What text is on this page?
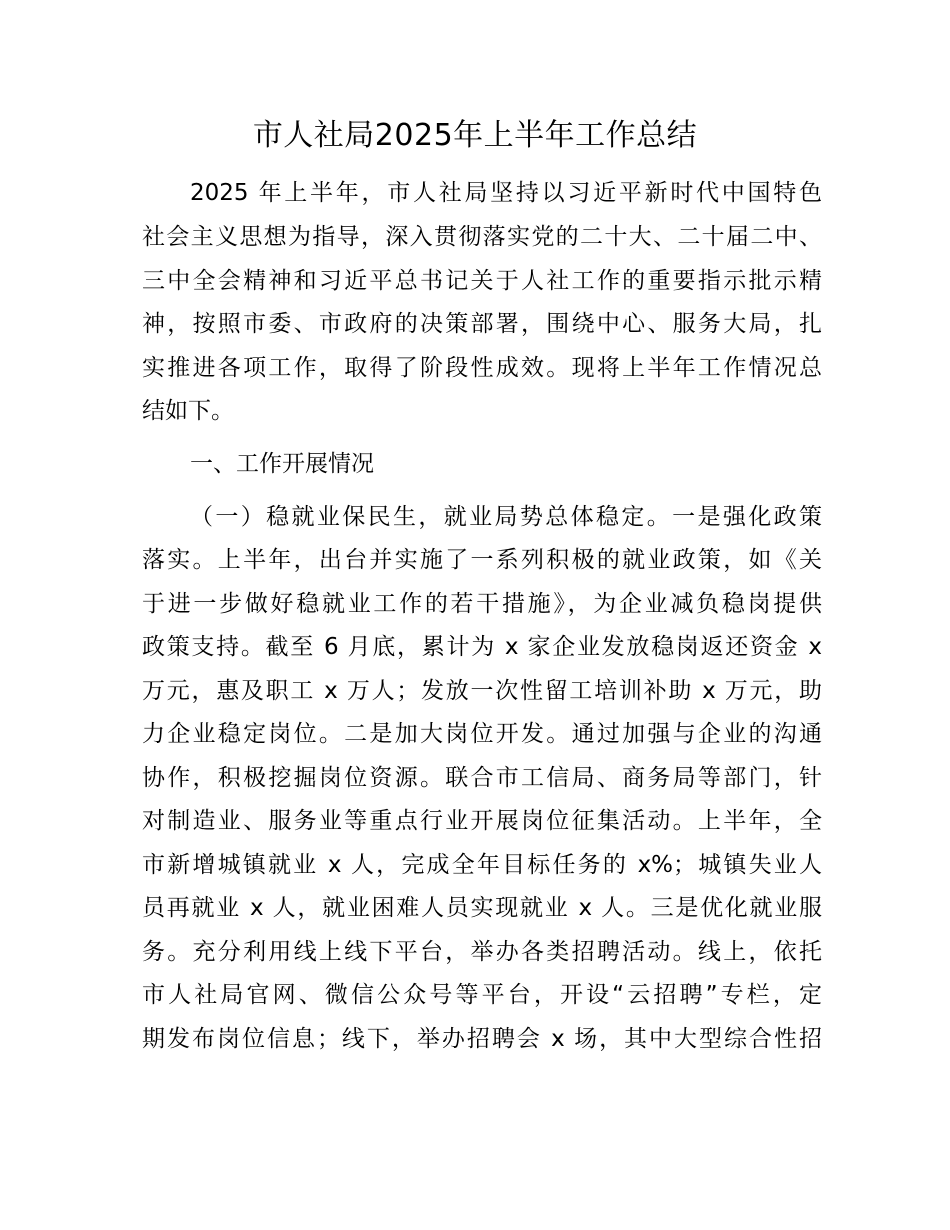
市人社局2025年上半年工作总结

2025 年上半年，市人社局坚持以习近平新时代中国特色

社会主义思想为指导，深入贯彻落实党的二十大、二十届二中、

三中全会精神和习近平总书记关于人社工作的重要指示批示精

神，按照市委、市政府的决策部署，围绕中心、服务大局，扎

实推进各项工作，取得了阶段性成效。现将上半年工作情况总

结如下。

一、工作开展情况

（一）稳就业保民生，就业局势总体稳定。一是强化政策

落实。上半年，出台并实施了一系列积极的就业政策，如《关

于进一步做好稳就业工作的若干措施》，为企业减负稳岗提供

政策支持。截至 6 月底，累计为 x 家企业发放稳岗返还资金 x

万元，惠及职工 x 万人；发放一次性留工培训补助 x 万元，助

力企业稳定岗位。二是加大岗位开发。通过加强与企业的沟通

协作，积极挖掘岗位资源。联合市工信局、商务局等部门，针

对制造业、服务业等重点行业开展岗位征集活动。上半年，全

市新增城镇就业 x 人，完成全年目标任务的 x%；城镇失业人

员再就业 x 人，就业困难人员实现就业 x 人。三是优化就业服

务。充分利用线上线下平台，举办各类招聘活动。线上，依托

市人社局官网、微信公众号等平台，开设“云招聘”专栏，定

期发布岗位信息；线下，举办招聘会 x 场，其中大型综合性招
